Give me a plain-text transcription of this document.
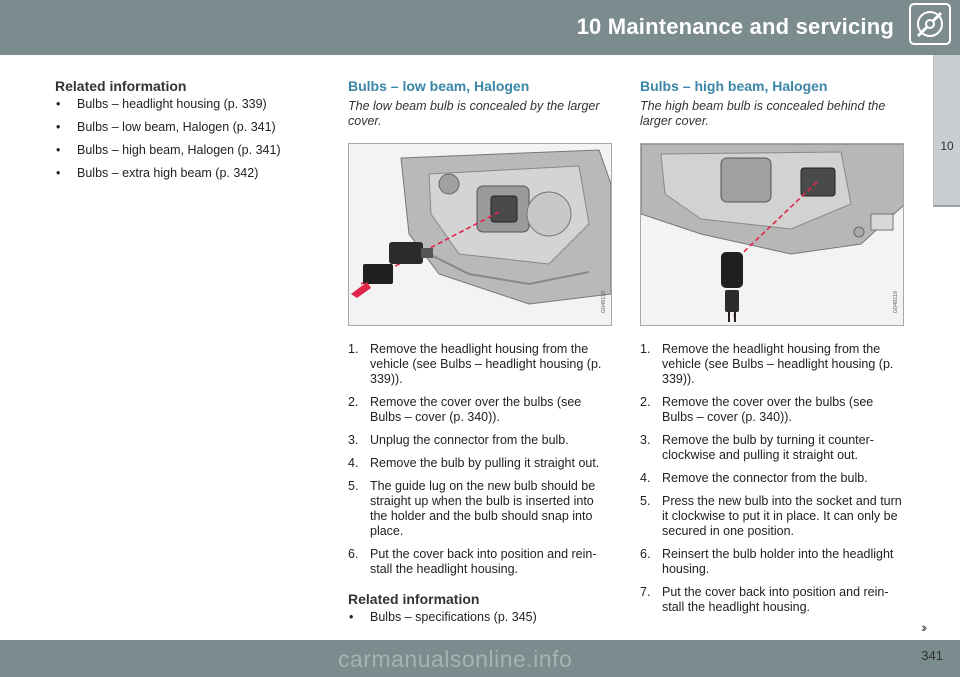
10 Maintenance and servicing
10
Related information
• Bulbs – headlight housing (p. 339)
• Bulbs – low beam, Halogen (p. 341)
• Bulbs – high beam, Halogen (p. 341)
• Bulbs – extra high beam (p. 342)
Bulbs – low beam, Halogen

The low beam bulb is concealed by the larger cover.

G048118
1. Remove the headlight housing from the vehicle (see Bulbs – headlight housing (p. 339)).
2. Remove the cover over the bulbs (see Bulbs – cover (p. 340)).
3. Unplug the connector from the bulb.
4. Remove the bulb by pulling it straight out.
5. The guide lug on the new bulb should be straight up when the bulb is inserted into the holder and the bulb should snap into place.
6. Put the cover back into position and rein-stall the headlight housing.
Related information
• Bulbs – specifications (p. 345)
Bulbs – high beam, Halogen

The high beam bulb is concealed behind the larger cover.

G048119
1. Remove the headlight housing from the vehicle (see Bulbs – headlight housing (p. 339)).
2. Remove the cover over the bulbs (see Bulbs – cover (p. 340)).
3. Remove the bulb by turning it counter-clockwise and pulling it straight out.
4. Remove the connector from the bulb.
5. Press the new bulb into the socket and turn it clockwise to put it in place. It can only be secured in one position.
6. Reinsert the bulb holder into the headlight housing.
7. Put the cover back into position and rein-stall the headlight housing.
››
carmanualsonline.info	341
